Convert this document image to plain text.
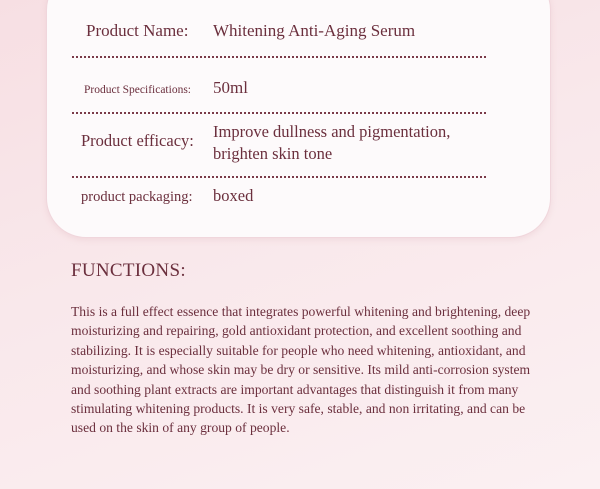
Product Name:	Whitening Anti-Aging Serum
Product Specifications:	50ml
Product efficacy:	Improve dullness and pigmentation, brighten skin tone
product packaging:	boxed
FUNCTIONS:

This is a full effect essence that integrates powerful whitening and brightening, deep moisturizing and repairing, gold antioxidant protection, and excellent soothing and stabilizing. It is especially suitable for people who need whitening, antioxidant, and moisturizing, and whose skin may be dry or sensitive. Its mild anti-corrosion system and soothing plant extracts are important advantages that distinguish it from many stimulating whitening products. It is very safe, stable, and non irritating, and can be used on the skin of any group of people.
